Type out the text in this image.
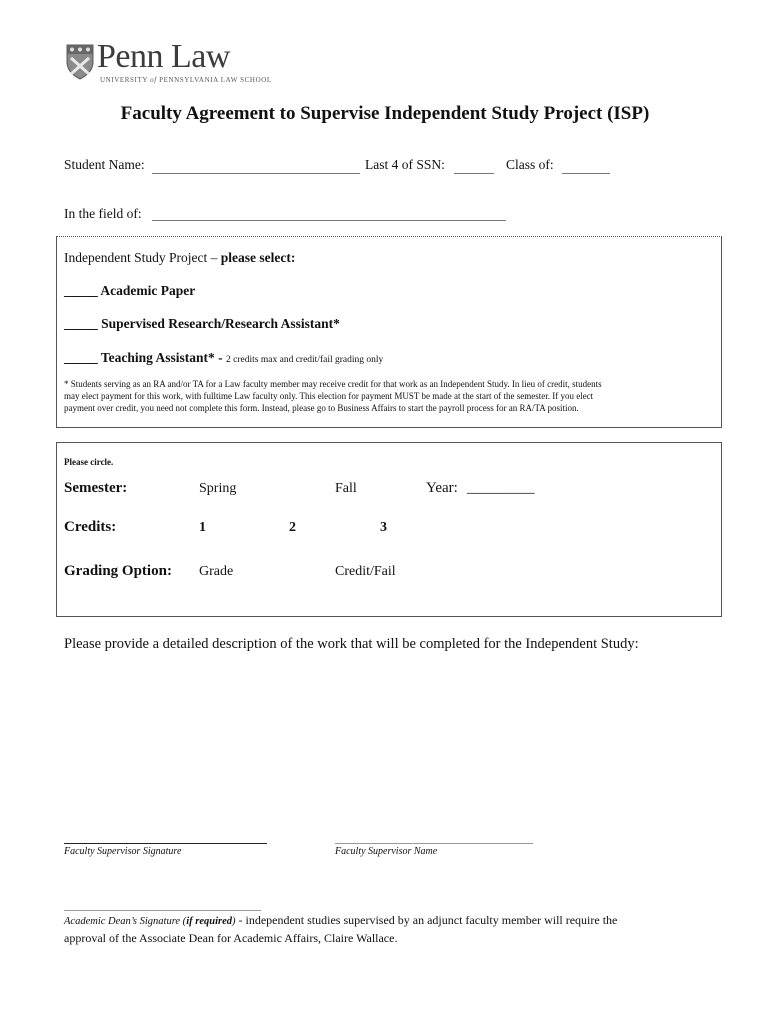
Penn Law
UNIVERSITY of PENNSYLVANIA LAW SCHOOL
Faculty Agreement to Supervise Independent Study Project (ISP)
Student Name:	Last 4 of SSN:	Class of:
In the field of:
Independent Study Project – please select:
_____ Academic Paper
_____ Supervised Research/Research Assistant*
_____ Teaching Assistant* - 2 credits max and credit/fail grading only
* Students serving as an RA and/or TA for a Law faculty member may receive credit for that work as an Independent Study. In lieu of credit, students
may elect payment for this work, with fulltime Law faculty only. This election for payment MUST be made at the start of the semester. If you elect
payment over credit, you need not complete this form. Instead, please go to Business Affairs to start the payroll process for an RA/TA position.
Please circle.
Semester:	Spring	Fall	Year: _________
Credits:	1	2	3
Grading Option: Grade	Credit/Fail
Please provide a detailed description of the work that will be completed for the Independent Study:
Faculty Supervisor Signature	Faculty Supervisor Name
Academic Dean’s Signature (if required) - independent studies supervised by an adjunct faculty member will require the
approval of the Associate Dean for Academic Affairs, Claire Wallace.
